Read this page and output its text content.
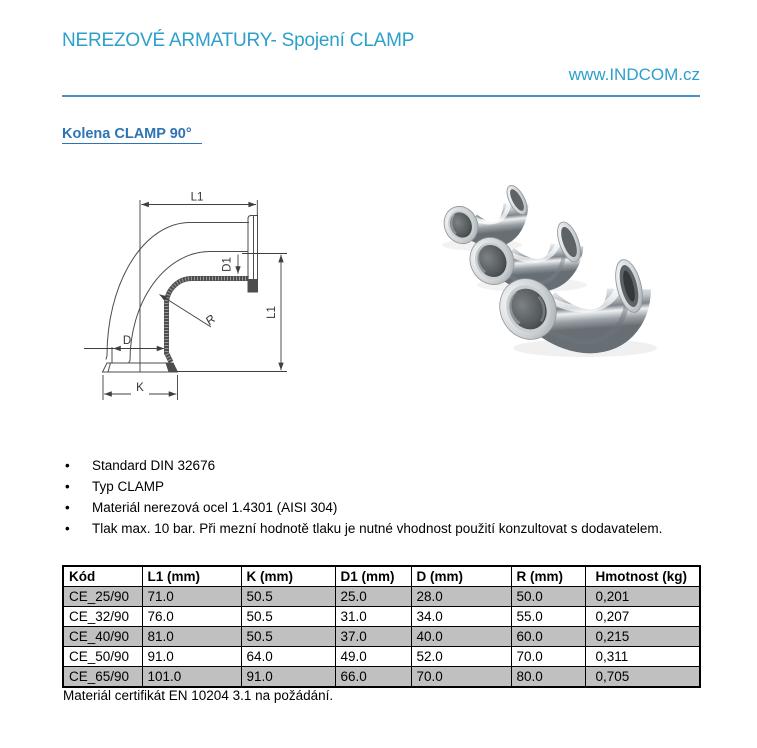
NEREZOVÉ ARMATURY- Spojení CLAMP
www.INDCOM.cz
Kolena CLAMP 90°
L1
D
K
R
D1
L1
•	Standard DIN 32676
•	Typ CLAMP
•	Materiál nerezová ocel 1.4301 (AISI 304)
•	Tlak max. 10 bar. Při mezní hodnotě tlaku je nutné vhodnost použití konzultovat s dodavatelem.
Kód	L1 (mm)	K (mm)	D1 (mm)	D (mm)	R (mm)	Hmotnost (kg)
CE_25/90	71.0	50.5	25.0	28.0	50.0	0,201
CE_32/90	76.0	50.5	31.0	34.0	55.0	0,207
CE_40/90	81.0	50.5	37.0	40.0	60.0	0,215
CE_50/90	91.0	64.0	49.0	52.0	70.0	0,311
CE_65/90	101.0	91.0	66.0	70.0	80.0	0,705
Materiál certifikát EN 10204 3.1 na požádání.
